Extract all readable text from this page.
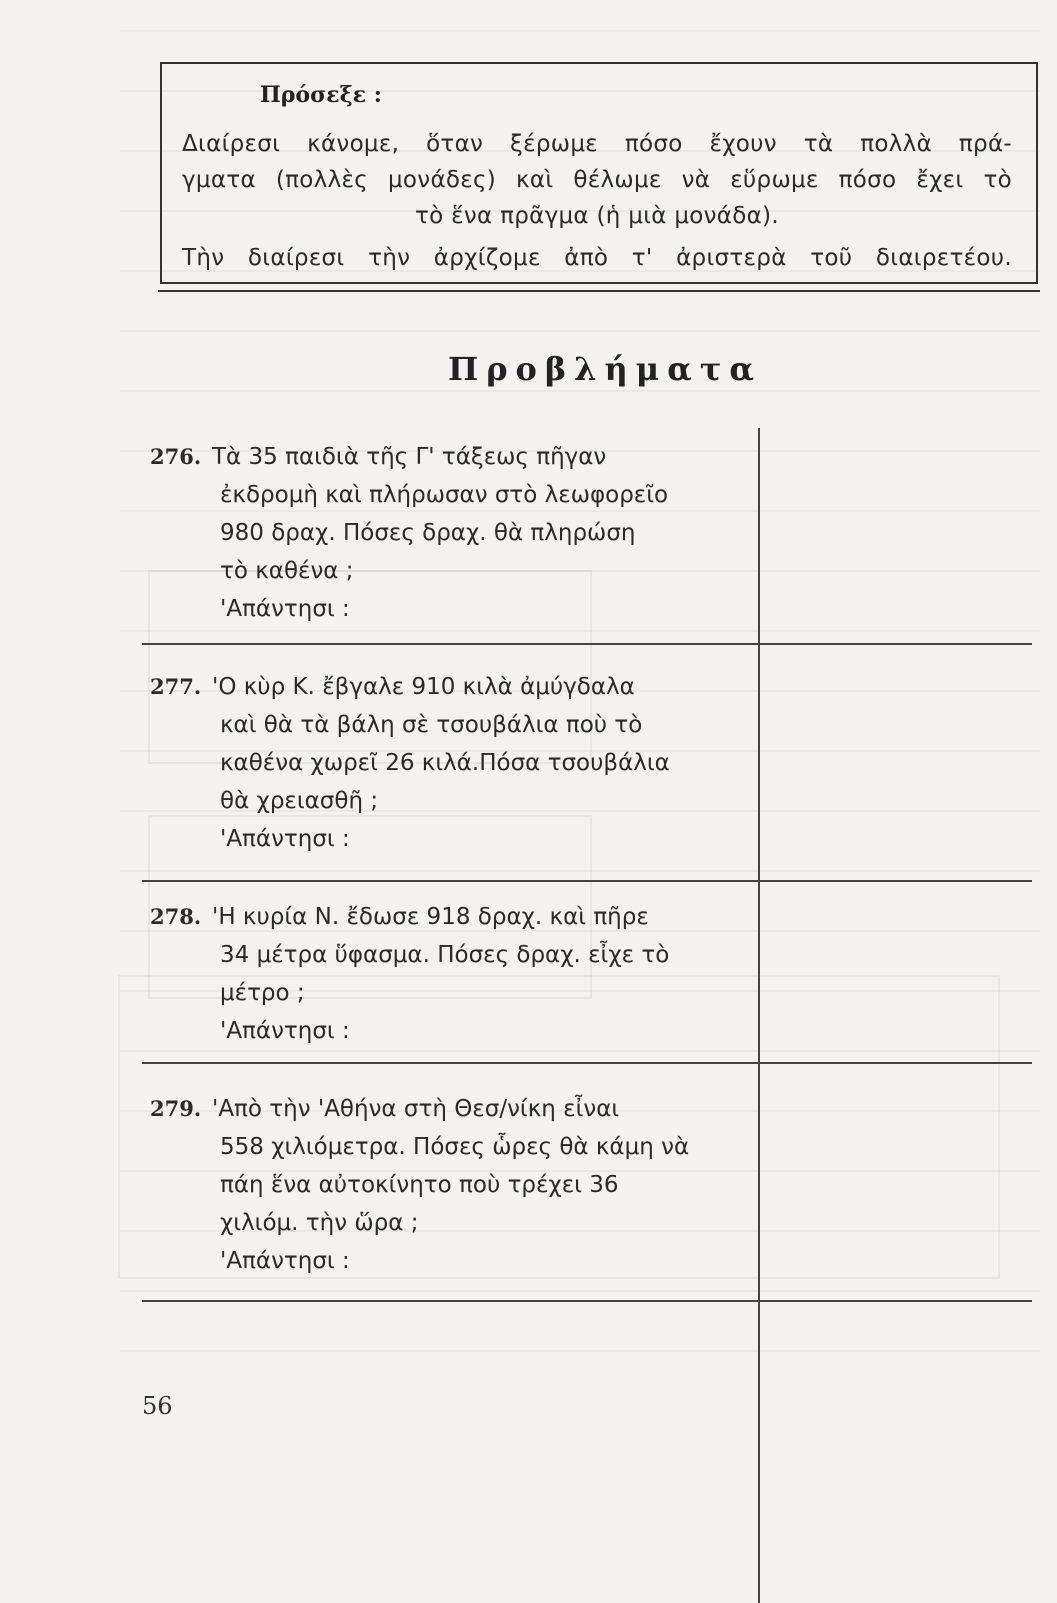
Πρόσεξε :

Διαίρεσι κάνομε, ὅταν ξέρωμε πόσο ἔχουν τὰ πολλὰ πρά-

γματα (πολλὲς μονάδες) καὶ θέλωμε νὰ εὕρωμε πόσο ἔχει τὸ

τὸ ἕνα πρᾶγμα (ἡ μιὰ μονάδα).

Τὴν διαίρεσι τὴν ἀρχίζομε ἀπὸ τ' ἀριστερὰ τοῦ διαιρετέου.

Προβλήματα
276. Τὰ 35 παιδιὰ τῆς Γ' τάξεως πῆγαν
ἐκδρομὴ καὶ πλήρωσαν στὸ λεωφορεῖο
980 δραχ. Πόσες δραχ. θὰ πληρώση
τὸ καθένα ;
'Απάντησι :
277. 'Ο κὺρ Κ. ἔβγαλε 910 κιλὰ ἀμύγδαλα
καὶ θὰ τὰ βάλη σὲ τσουβάλια ποὺ τὸ
καθένα χωρεῖ 26 κιλά.Πόσα τσουβάλια
θὰ χρειασθῆ ;
'Απάντησι :
278. 'Η κυρία Ν. ἔδωσε 918 δραχ. καὶ πῆρε
34 μέτρα ὕφασμα. Πόσες δραχ. εἶχε τὸ
μέτρο ;
'Απάντησι :
279. 'Απὸ τὴν 'Αθήνα στὴ Θεσ/νίκη εἶναι
558 χιλιόμετρα. Πόσες ὧρες θὰ κάμη νὰ
πάη ἕνα αὐτοκίνητο ποὺ τρέχει 36
χιλιόμ. τὴν ὥρα ;
'Απάντησι :
56
